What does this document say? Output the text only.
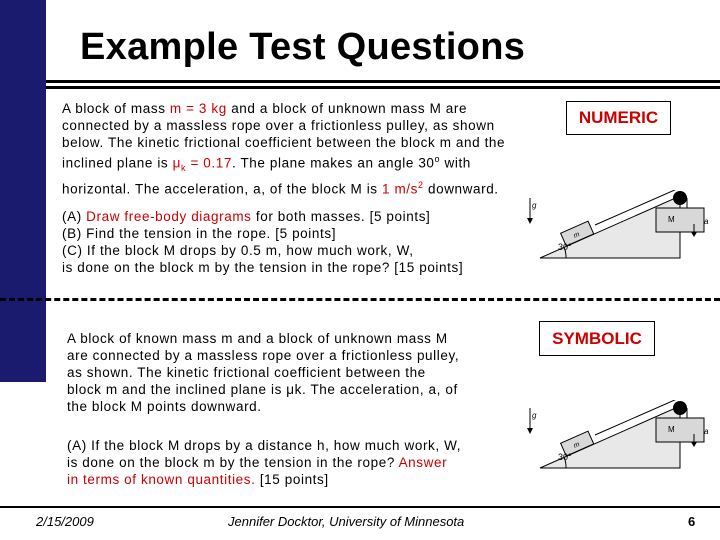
Example Test Questions
A block of mass m = 3 kg and a block of unknown mass M are
connected by a massless rope over a frictionless pulley, as shown
below. The kinetic frictional coefficient between the block m and the
inclined plane is $\mu_k = 0.17$. The plane makes an angle 30$^o$ with
horizontal. The acceleration, a, of the block M is 1 $m/s^2$ downward.
NUMERIC
(A) Draw free-body diagrams for both masses. [5 points]
(B) Find the tension in the rope. [5 points]
(C) If the block M drops by 0.5 m, how much work, W,
is done on the block m by the tension in the rope? [15 points]
g
m
M	a
30°
A block of known mass m and a block of unknown mass M
are connected by a massless rope over a frictionless pulley,
as shown. The kinetic frictional coefficient between the
block m and the inclined plane is μk. The acceleration, a, of
the block M points downward.
SYMBOLIC
(A) If the block M drops by a distance h, how much work, W,
is done on the block m by the tension in the rope? Answer
in terms of known quantities. [15 points]
g
m
M	a
30°
2/15/2009	Jennifer Docktor, University of Minnesota	6
